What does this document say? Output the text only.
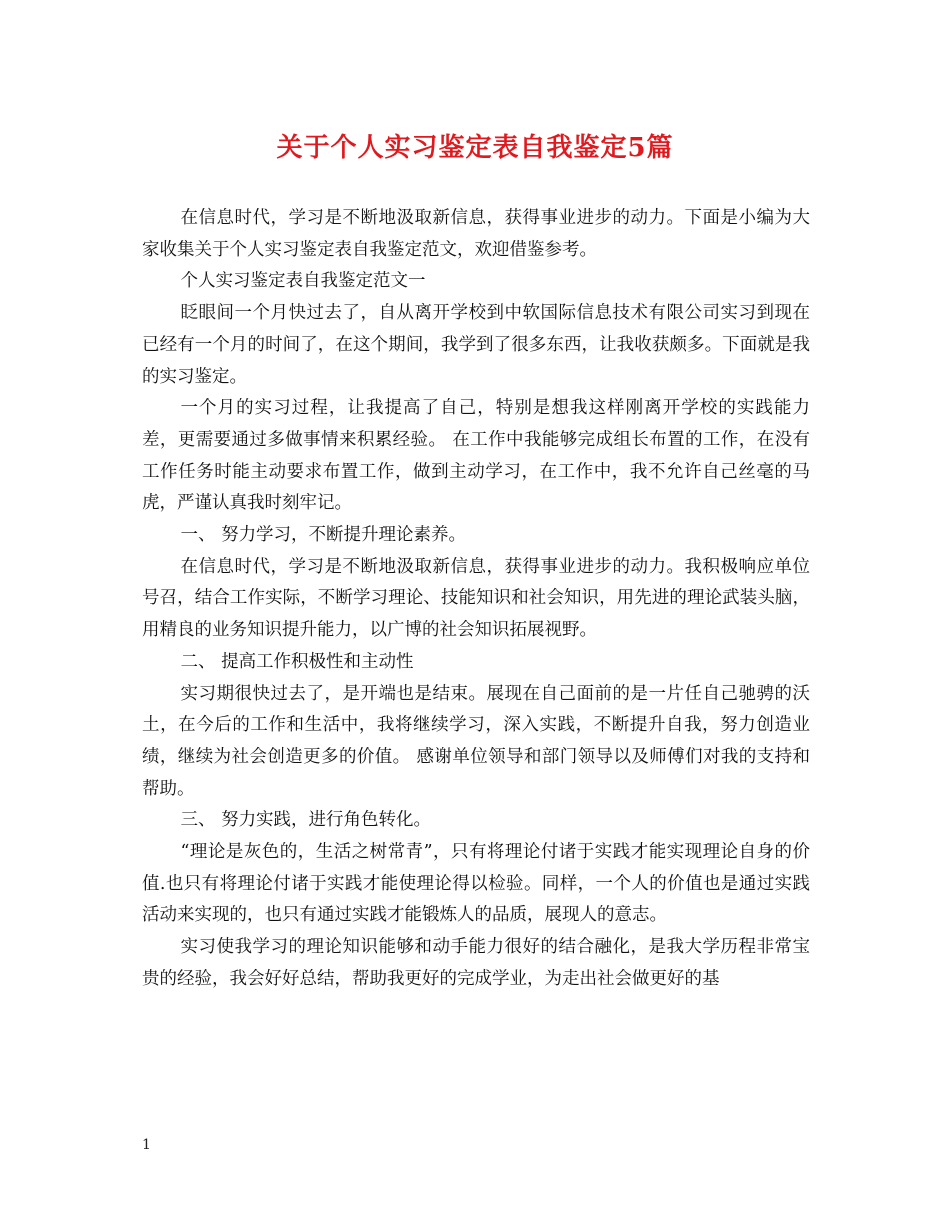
关于个人实习鉴定表自我鉴定5篇

在信息时代，学习是不断地汲取新信息，获得事业进步的动力。下面是小编为大家收集关于个人实习鉴定表自我鉴定范文，欢迎借鉴参考。

个人实习鉴定表自我鉴定范文一

眨眼间一个月快过去了，自从离开学校到中软国际信息技术有限公司实习到现在已经有一个月的时间了，在这个期间，我学到了很多东西，让我收获颇多。下面就是我的实习鉴定。

一个月的实习过程，让我提高了自己，特别是想我这样刚离开学校的实践能力差，更需要通过多做事情来积累经验。 在工作中我能够完成组长布置的工作，在没有工作任务时能主动要求布置工作，做到主动学习，在工作中，我不允许自己丝毫的马虎，严谨认真我时刻牢记。

一、 努力学习，不断提升理论素养。

在信息时代，学习是不断地汲取新信息，获得事业进步的动力。我积极响应单位号召，结合工作实际，不断学习理论、技能知识和社会知识，用先进的理论武装头脑，用精良的业务知识提升能力，以广博的社会知识拓展视野。

二、 提高工作积极性和主动性

实习期很快过去了，是开端也是结束。展现在自己面前的是一片任自己驰骋的沃土，在今后的工作和生活中，我将继续学习，深入实践，不断提升自我，努力创造业绩，继续为社会创造更多的价值。 感谢单位领导和部门领导以及师傅们对我的支持和帮助。

三、 努力实践，进行角色转化。

“理论是灰色的，生活之树常青”，只有将理论付诸于实践才能实现理论自身的价值.也只有将理论付诸于实践才能使理论得以检验。同样，一个人的价值也是通过实践活动来实现的，也只有通过实践才能锻炼人的品质，展现人的意志。

实习使我学习的理论知识能够和动手能力很好的结合融化，是我大学历程非常宝贵的经验，我会好好总结，帮助我更好的完成学业，为走出社会做更好的基

1
